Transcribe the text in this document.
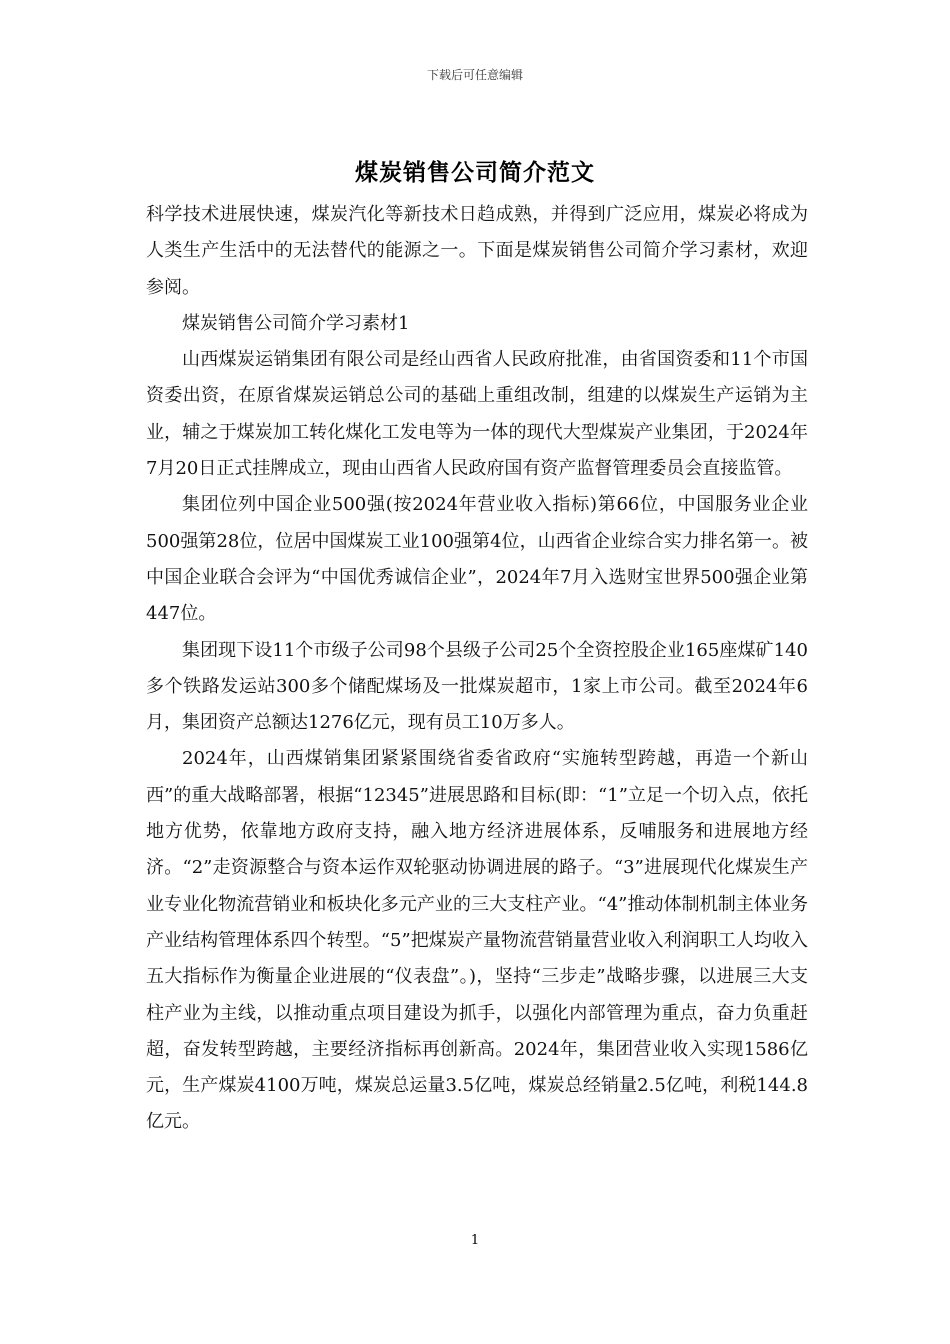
下载后可任意编辑
煤炭销售公司简介范文

科学技术进展快速，煤炭汽化等新技术日趋成熟，并得到广泛应用，煤炭必将成为人类生产生活中的无法替代的能源之一。下面是煤炭销售公司简介学习素材，欢迎参阅。

煤炭销售公司简介学习素材1

山西煤炭运销集团有限公司是经山西省人民政府批准，由省国资委和11个市国资委出资，在原省煤炭运销总公司的基础上重组改制，组建的以煤炭生产运销为主业，辅之于煤炭加工转化煤化工发电等为一体的现代大型煤炭产业集团，于2024年7月20日正式挂牌成立，现由山西省人民政府国有资产监督管理委员会直接监管。

集团位列中国企业500强(按2024年营业收入指标)第66位，中国服务业企业500强第28位，位居中国煤炭工业100强第4位，山西省企业综合实力排名第一。被中国企业联合会评为“中国优秀诚信企业”，2024年7月入选财宝世界500强企业第447位。

集团现下设11个市级子公司98个县级子公司25个全资控股企业165座煤矿140多个铁路发运站300多个储配煤场及一批煤炭超市，1家上市公司。截至2024年6月，集团资产总额达1276亿元，现有员工10万多人。

2024年，山西煤销集团紧紧围绕省委省政府“实施转型跨越，再造一个新山西”的重大战略部署，根据“12345”进展思路和目标(即：“1”立足一个切入点，依托地方优势，依靠地方政府支持，融入地方经济进展体系，反哺服务和进展地方经济。“2”走资源整合与资本运作双轮驱动协调进展的路子。“3”进展现代化煤炭生产业专业化物流营销业和板块化多元产业的三大支柱产业。“4”推动体制机制主体业务产业结构管理体系四个转型。“5”把煤炭产量物流营销量营业收入利润职工人均收入五大指标作为衡量企业进展的“仪表盘”。)，坚持“三步走”战略步骤，以进展三大支柱产业为主线，以推动重点项目建设为抓手，以强化内部管理为重点，奋力负重赶超，奋发转型跨越，主要经济指标再创新高。2024年，集团营业收入实现1586亿元，生产煤炭4100万吨，煤炭总运量3.5亿吨，煤炭总经销量2.5亿吨，利税144.8亿元。

1
